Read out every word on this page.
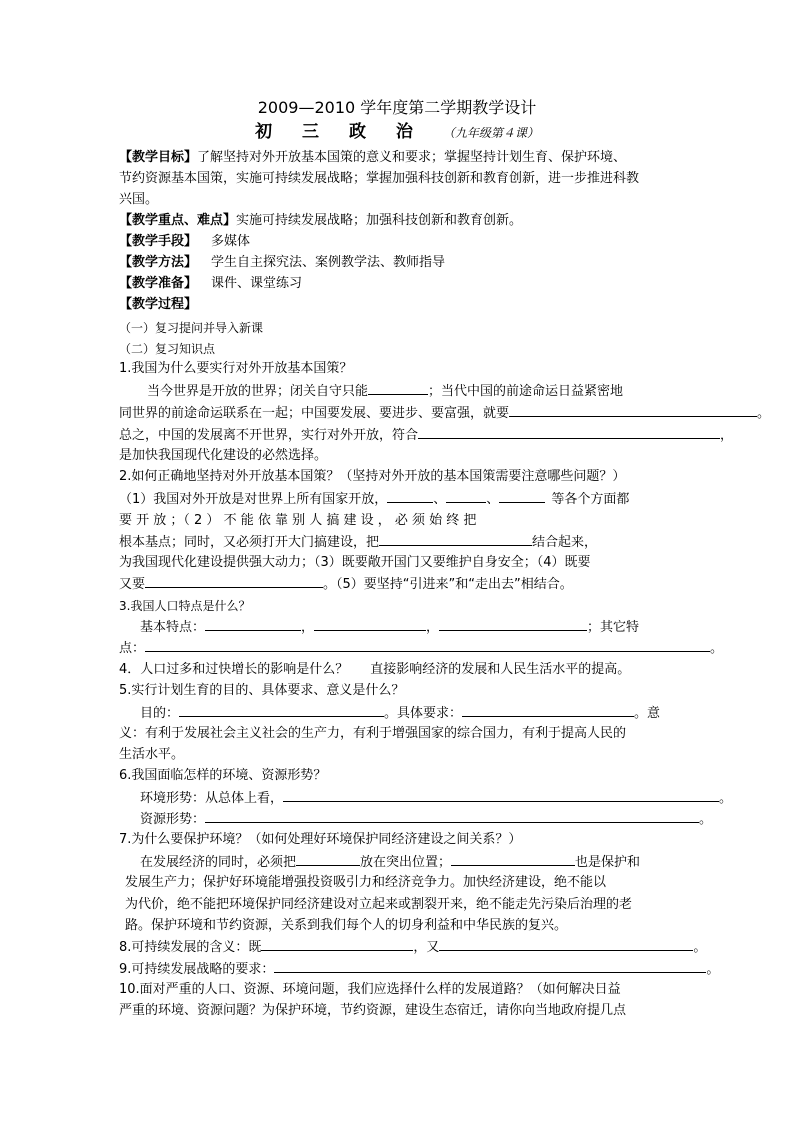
2009—2010 学年度第二学期教学设计
初 三 政 治 （九年级第４课）
【教学目标】了解坚持对外开放基本国策的意义和要求；掌握坚持计划生育、保护环境、
节约资源基本国策，实施可持续发展战略；掌握加强科技创新和教育创新，进一步推进科教
兴国。
【教学重点、难点】实施可持续发展战略；加强科技创新和教育创新。
【教学手段】 多媒体
【教学方法】 学生自主探究法、案例教学法、教师指导
【教学准备】 课件、课堂练习
【教学过程】
（一）复习提问并导入新课
（二）复习知识点
1.我国为什么要实行对外开放基本国策？
当今世界是开放的世界；闭关自守只能	；当代中国的前途命运日益紧密地
同世界的前途命运联系在一起；中国要发展、要进步、要富强，就要	。
总之，中国的发展离不开世界，实行对外开放，符合	，
是加快我国现代化建设的必然选择。
2.如何正确地坚持对外开放基本国策？（坚持对外开放的基本国策需要注意哪些问题？）
（1）我国对外开放是对世界上所有国家开放，	、	、	等各个方面都
要 开 放 ；（ 2 ） 不 能 依 靠 别 人 搞 建 设 ， 必 须 始 终 把
根本基点；同时，又必须打开大门搞建设，把	结合起来，
为我国现代化建设提供强大动力；（3）既要敞开国门又要维护自身安全；（4）既要
又要	。（5）要坚持“引进来”和“走出去”相结合。
3.我国人口特点是什么？
基本特点：	，	，	；其它特
点：	。
4．人口过多和过快增长的影响是什么？ 直接影响经济的发展和人民生活水平的提高。
5.实行计划生育的目的、具体要求、意义是什么？
目的：	。具体要求：	。意
义：有利于发展社会主义社会的生产力，有利于增强国家的综合国力，有利于提高人民的
生活水平。
6.我国面临怎样的环境、资源形势？
环境形势：从总体上看，	。
资源形势：	。
7.为什么要保护环境？（如何处理好环境保护同经济建设之间关系？）
在发展经济的同时，必须把	放在突出位置；	也是保护和
发展生产力；保护好环境能增强投资吸引力和经济竞争力。加快经济建设，绝不能以
为代价，绝不能把环境保护同经济建设对立起来或割裂开来，绝不能走先污染后治理的老
路。保护环境和节约资源，关系到我们每个人的切身利益和中华民族的复兴。
8.可持续发展的含义：既	，又	。
9.可持续发展战略的要求：	。
10.面对严重的人口、资源、环境问题，我们应选择什么样的发展道路？（如何解决日益
严重的环境、资源问题？为保护环境，节约资源，建设生态宿迁，请你向当地政府提几点
